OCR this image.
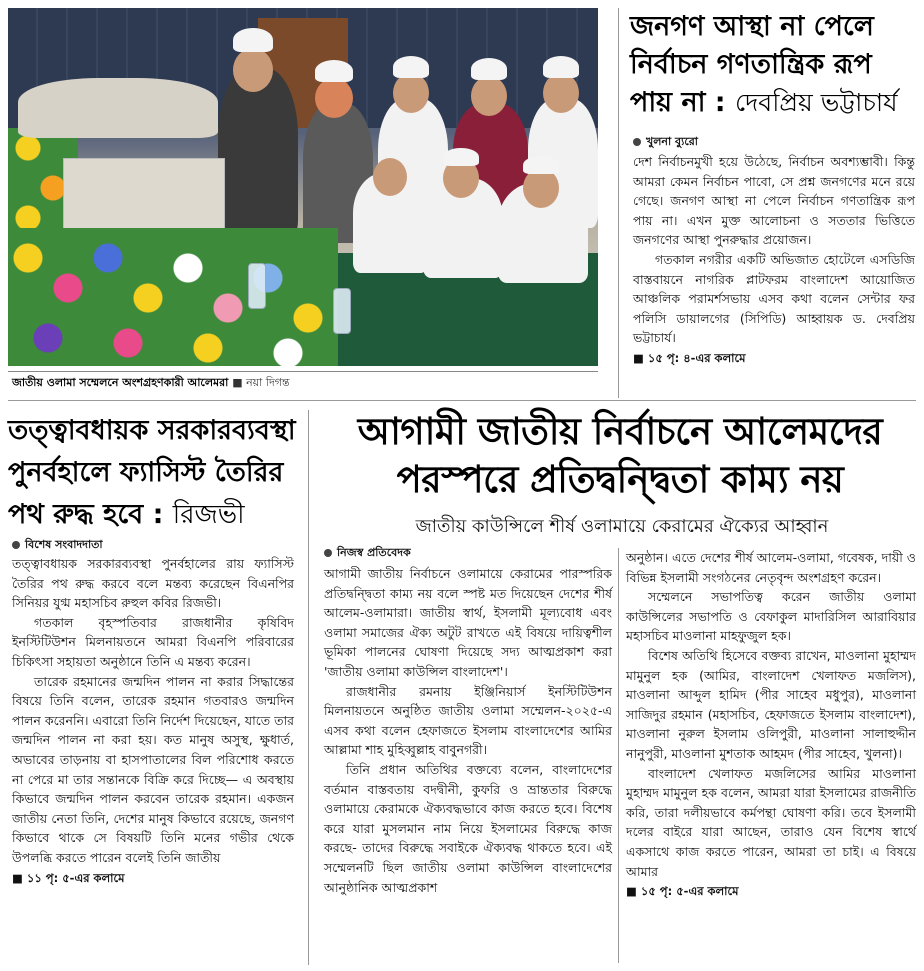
জাতীয় ওলামা সম্মেলনে অংশগ্রহণকারী আলেমরা ■ নয়া দিগন্ত
জনগণ আস্থা না পেলে নির্বাচন গণতান্ত্রিক রূপ পায় না : দেবপ্রিয় ভট্টাচার্য
খুলনা ব্যুরো

দেশ নির্বাচনমুখী হয়ে উঠেছে, নির্বাচন অবশ্যম্ভাবী। কিন্তু আমরা কেমন নির্বাচন পাবো, সে প্রশ্ন জনগণের মনে রয়ে গেছে। জনগণ আস্থা না পেলে নির্বাচন গণতান্ত্রিক রূপ পায় না। এখন মুক্ত আলোচনা ও সততার ভিত্তিতে জনগণের আস্থা পুনরুদ্ধার প্রয়োজন।

গতকাল নগরীর একটি অভিজাত হোটেলে এসডিজি বাস্তবায়নে নাগরিক প্লাটফরম বাংলাদেশ আয়োজিত আঞ্চলিক পরামর্শসভায় এসব কথা বলেন সেন্টার ফর পলিসি ডায়ালগের (সিপিডি) আহ্বায়ক ড. দেবপ্রিয় ভট্টাচার্য।

■ ১৫ পৃ: ৪-এর কলামে

তত্ত্বাবধায়ক সরকারব্যবস্থা পুনর্বহালে ফ্যাসিস্ট তৈরির পথ রুদ্ধ হবে : রিজভী
বিশেষ সংবাদদাতা

তত্ত্বাবধায়ক সরকারব্যবস্থা পুনর্বহালের রায় ফ্যাসিস্ট তৈরির পথ রুদ্ধ করবে বলে মন্তব্য করেছেন বিএনপির সিনিয়র যুগ্ম মহাসচিব রুহুল কবির রিজভী।

গতকাল বৃহস্পতিবার রাজধানীর কৃষিবিদ ইনস্টিটিউশন মিলনায়তনে আমরা বিএনপি পরিবারের চিকিৎসা সহায়তা অনুষ্ঠানে তিনি এ মন্তব্য করেন।

তারেক রহমানের জন্মদিন পালন না করার সিদ্ধান্তের বিষয়ে তিনি বলেন, তারেক রহমান গতবারও জন্মদিন পালন করেননি। এবারো তিনি নির্দেশ দিয়েছেন, যাতে তার জন্মদিন পালন না করা হয়। কত মানুষ অসুস্থ, ক্ষুধার্ত, অভাবের তাড়নায় বা হাসপাতালের বিল পরিশোধ করতে না পেরে মা তার সন্তানকে বিক্রি করে দিচ্ছে— এ অবস্থায় কিভাবে জন্মদিন পালন করবেন তারেক রহমান। একজন জাতীয় নেতা তিনি, দেশের মানুষ কিভাবে রয়েছে, জনগণ কিভাবে থাকে সে বিষয়টি তিনি মনের গভীর থেকে উপলব্ধি করতে পারেন বলেই তিনি জাতীয়

■ ১১ পৃ: ৫-এর কলামে

আগামী জাতীয় নির্বাচনে আলেমদের
পরস্পরে প্রতিদ্বন্দ্বিতা কাম্য নয়
জাতীয় কাউন্সিলে শীর্ষ ওলামায়ে কেরামের ঐক্যের আহ্বান
নিজস্ব প্রতিবেদক

আগামী জাতীয় নির্বাচনে ওলামায়ে কেরামের পারস্পরিক প্রতিদ্বন্দ্বিতা কাম্য নয় বলে স্পষ্ট মত দিয়েছেন দেশের শীর্ষ আলেম-ওলামারা। জাতীয় স্বার্থ, ইসলামী মূল্যবোধ এবং ওলামা সমাজের ঐক্য অটুট রাখতে এই বিষয়ে দায়িত্বশীল ভূমিকা পালনের ঘোষণা দিয়েছে সদ্য আত্মপ্রকাশ করা 'জাতীয় ওলামা কাউন্সিল বাংলাদেশ'।

রাজধানীর রমনায় ইঞ্জিনিয়ার্স ইনস্টিটিউশন মিলনায়তনে অনুষ্ঠিত জাতীয় ওলামা সম্মেলন-২০২৫-এ এসব কথা বলেন হেফাজতে ইসলাম বাংলাদেশের আমির আল্লামা শাহ মুহিব্বুল্লাহ বাবুনগরী।

তিনি প্রধান অতিথির বক্তব্যে বলেন, বাংলাদেশের বর্তমান বাস্তবতায় বদদ্বীনী, কুফরি ও ভ্রান্ততার বিরুদ্ধে ওলামায়ে কেরামকে ঐক্যবদ্ধভাবে কাজ করতে হবে। বিশেষ করে যারা মুসলমান নাম নিয়ে ইসলামের বিরুদ্ধে কাজ করছে- তাদের বিরুদ্ধে সবাইকে ঐক্যবদ্ধ থাকতে হবে। এই সম্মেলনটি ছিল জাতীয় ওলামা কাউন্সিল বাংলাদেশের আনুষ্ঠানিক আত্মপ্রকাশ

অনুষ্ঠান। এতে দেশের শীর্ষ আলেম-ওলামা, গবেষক, দায়ী ও বিভিন্ন ইসলামী সংগঠনের নেতৃবৃন্দ অংশগ্রহণ করেন।

সম্মেলনে সভাপতিত্ব করেন জাতীয় ওলামা কাউন্সিলের সভাপতি ও বেফাকুল মাদারিসিল আরাবিয়ার মহাসচিব মাওলানা মাহফুজুল হক।

বিশেষ অতিথি হিসেবে বক্তব্য রাখেন, মাওলানা মুহাম্মদ মামুনুল হক (আমির, বাংলাদেশ খেলাফত মজলিস), মাওলানা আব্দুল হামিদ (পীর সাহেব মধুপুর), মাওলানা সাজিদুর রহমান (মহাসচিব, হেফাজতে ইসলাম বাংলাদেশ), মাওলানা নুরুল ইসলাম ওলিপুরী, মাওলানা সালাহুদ্দীন নানুপুরী, মাওলানা মুশতাক আহমদ (পীর সাহেব, খুলনা)।

বাংলাদেশ খেলাফত মজলিসের আমির মাওলানা মুহাম্মদ মামুনুল হক বলেন, আমরা যারা ইসলামের রাজনীতি করি, তারা দলীয়ভাবে কর্মপন্থা ঘোষণা করি। তবে ইসলামী দলের বাইরে যারা আছেন, তারাও যেন বিশেষ স্বার্থে একসাথে কাজ করতে পারেন, আমরা তা চাই। এ বিষয়ে আমার

■ ১৫ পৃ: ৫-এর কলামে
